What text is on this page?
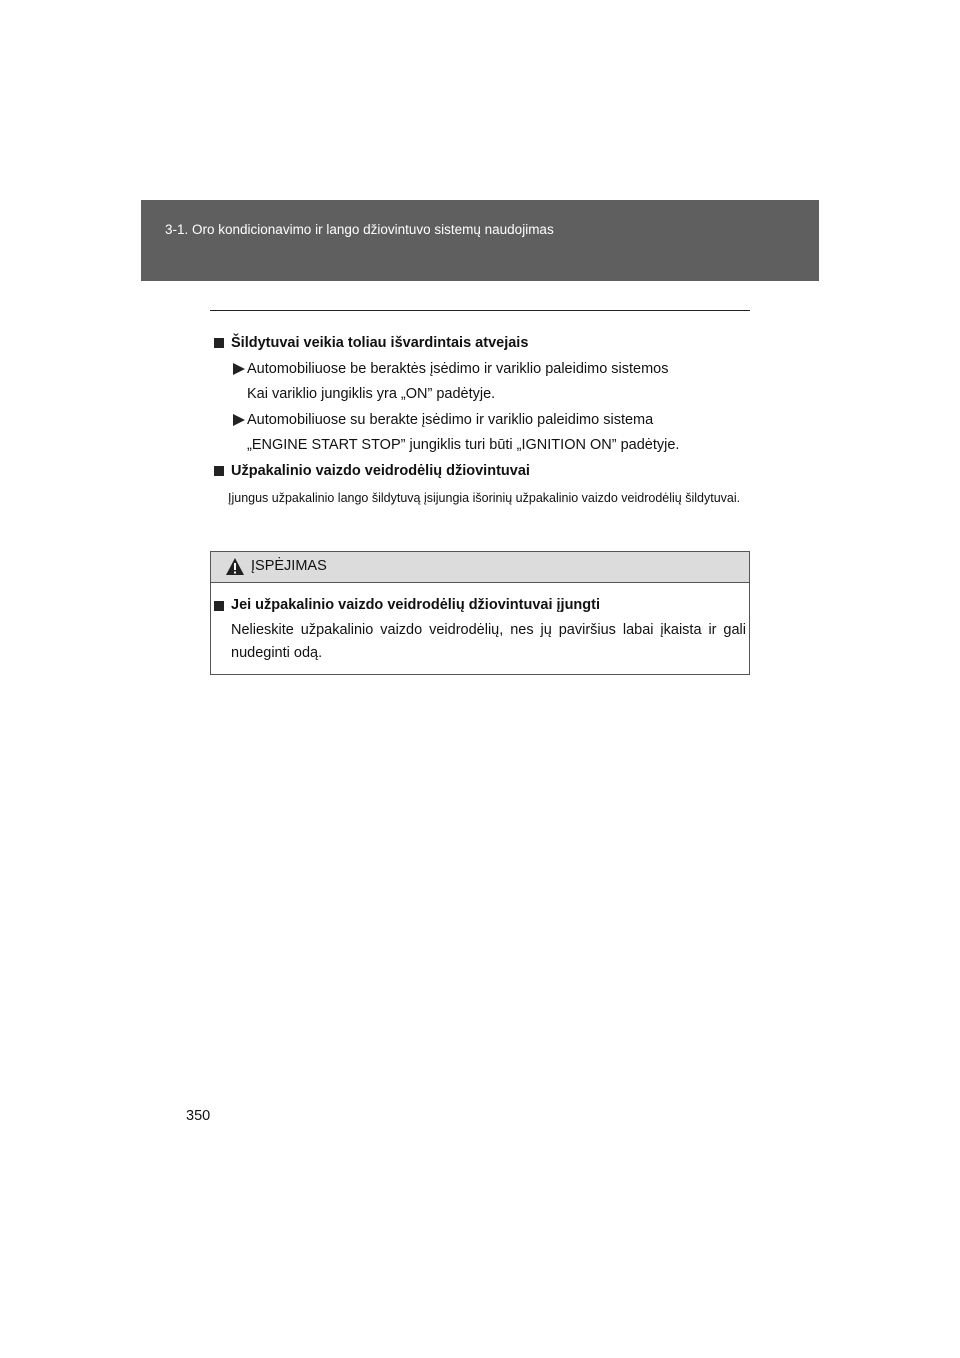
3-1. Oro kondicionavimo ir lango džiovintuvo sistemų naudojimas
Šildytuvai veikia toliau išvardintais atvejais
Automobiliuose be beraktės įsėdimo ir variklio paleidimo sistemos
Kai variklio jungiklis yra „ON” padėtyje.
Automobiliuose su berakte įsėdimo ir variklio paleidimo sistema
„ENGINE START STOP” jungiklis turi būti „IGNITION ON” padėtyje.
Užpakalinio vaizdo veidrodėlių džiovintuvai
Įjungus užpakalinio lango šildytuvą įsijungia išorinių užpakalinio vaizdo veidrodėlių šildytuvai.
ĮSPĖJIMAS
Jei užpakalinio vaizdo veidrodėlių džiovintuvai įjungti
Nelieskite užpakalinio vaizdo veidrodėlių, nes jų paviršius labai įkaista ir gali nudeginti odą.
350
